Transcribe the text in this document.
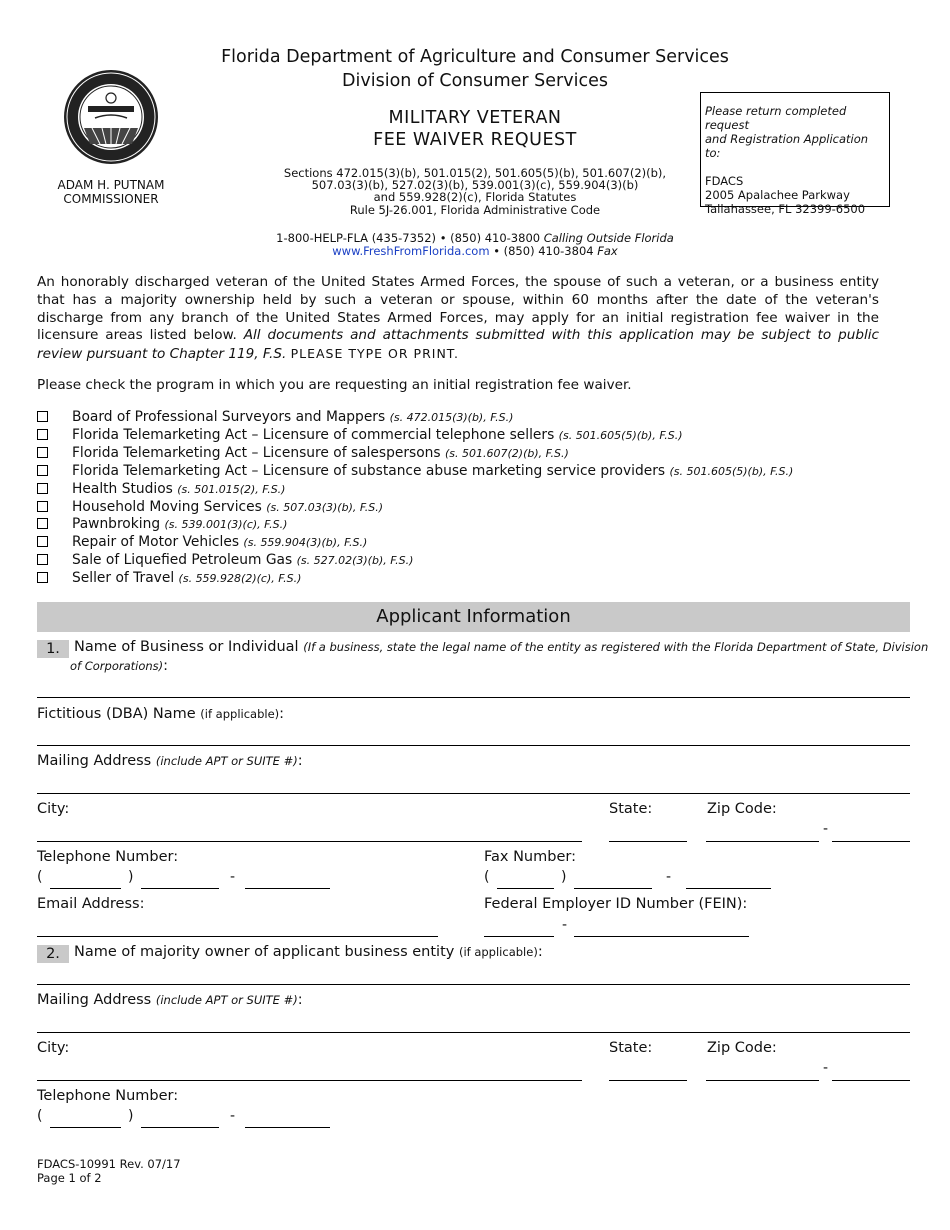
ADAM H. PUTNAM
COMMISSIONER
Florida Department of Agriculture and Consumer Services
Division of Consumer Services
MILITARY VETERAN
FEE WAIVER REQUEST
Sections 472.015(3)(b), 501.015(2), 501.605(5)(b), 501.607(2)(b),
507.03(3)(b), 527.02(3)(b), 539.001(3)(c), 559.904(3)(b)
and 559.928(2)(c), Florida Statutes
Rule 5J-26.001, Florida Administrative Code
1-800-HELP-FLA (435-7352) • (850) 410-3800 Calling Outside Florida
www.FreshFromFlorida.com • (850) 410-3804 Fax
Please return completed request
and Registration Application to:
FDACS
2005 Apalachee Parkway
Tallahassee, FL 32399-6500
An honorably discharged veteran of the United States Armed Forces, the spouse of such a veteran, or a business entity that has a majority ownership held by such a veteran or spouse, within 60 months after the date of the veteran's discharge from any branch of the United States Armed Forces, may apply for an initial registration fee waiver in the licensure areas listed below. All documents and attachments submitted with this application may be subject to public review pursuant to Chapter 119, F.S. PLEASE TYPE OR PRINT.
Please check the program in which you are requesting an initial registration fee waiver.
Board of Professional Surveyors and Mappers (s. 472.015(3)(b), F.S.)
Florida Telemarketing Act – Licensure of commercial telephone sellers (s. 501.605(5)(b), F.S.)
Florida Telemarketing Act – Licensure of salespersons (s. 501.607(2)(b), F.S.)
Florida Telemarketing Act – Licensure of substance abuse marketing service providers (s. 501.605(5)(b), F.S.)
Health Studios (s. 501.015(2), F.S.)
Household Moving Services (s. 507.03(3)(b), F.S.)
Pawnbroking (s. 539.001(3)(c), F.S.)
Repair of Motor Vehicles (s. 559.904(3)(b), F.S.)
Sale of Liquefied Petroleum Gas (s. 527.02(3)(b), F.S.)
Seller of Travel (s. 559.928(2)(c), F.S.)
Applicant Information
1. Name of Business or Individual (If a business, state the legal name of the entity as registered with the Florida Department of State, Division
of Corporations):
Fictitious (DBA) Name (if applicable):
Mailing Address (include APT or SUITE #):
City:	State:	Zip Code:
-
Telephone Number:
(	)	-
Fax Number:
(	)	-
Email Address:	Federal Employer ID Number (FEIN):
-
2. Name of majority owner of applicant business entity (if applicable):
Mailing Address (include APT or SUITE #):
City:	State:	Zip Code:
-
Telephone Number:
(	)	-
FDACS-10991 Rev. 07/17
Page 1 of 2
